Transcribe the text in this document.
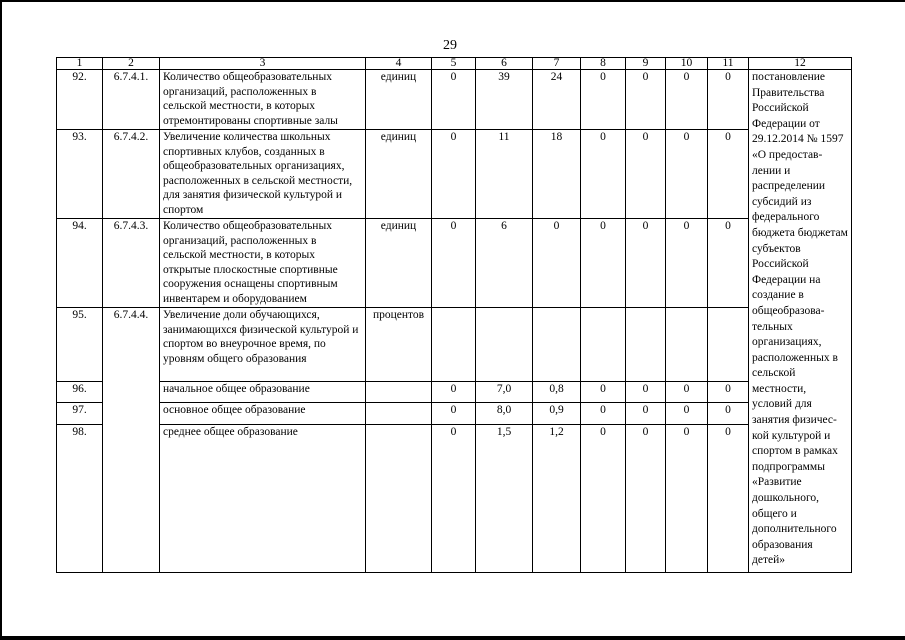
29
1	2	3	4	5	6	7	8	9	10	11	12
92.	6.7.4.1.	Количество общеобразовательных организаций, расположенных в сельской местности, в которых отремонтированы спортивные залы	единиц	0	39	24	0	0	0	0	постановление Правительства Российской Федерации от 29.12.2014 № 1597 «О предостав-лении и распределении субсидий из федерального бюджета бюджетам субъектов Российской Федерации на создание в общеобразова-тельных организациях, расположенных в сельской местности, условий для занятия физичес-кой культурой и спортом в рамках подпрограммы «Развитие дошкольного, общего и дополнительного образования детей»
93.	6.7.4.2.	Увеличение количества школьных спортивных клубов, созданных в общеобразовательных организациях, расположенных в сельской местности, для занятия физической культурой и спортом	единиц	0	11	18	0	0	0	0	
94.	6.7.4.3.	Количество общеобразовательных организаций, расположенных в сельской местности, в которых открытые плоскостные спортивные сооружения оснащены спортивным инвентарем и оборудованием	единиц	0	6	0	0	0	0	0	
95.	6.7.4.4.	Увеличение доли обучающихся, занимающихся физической культурой и спортом во внеурочное время, по уровням общего образования	процентов								
96.		начальное общее образование		0	7,0	0,8	0	0	0	0	
97.		основное общее образование		0	8,0	0,9	0	0	0	0	
98.		среднее общее образование		0	1,5	1,2	0	0	0	0	
